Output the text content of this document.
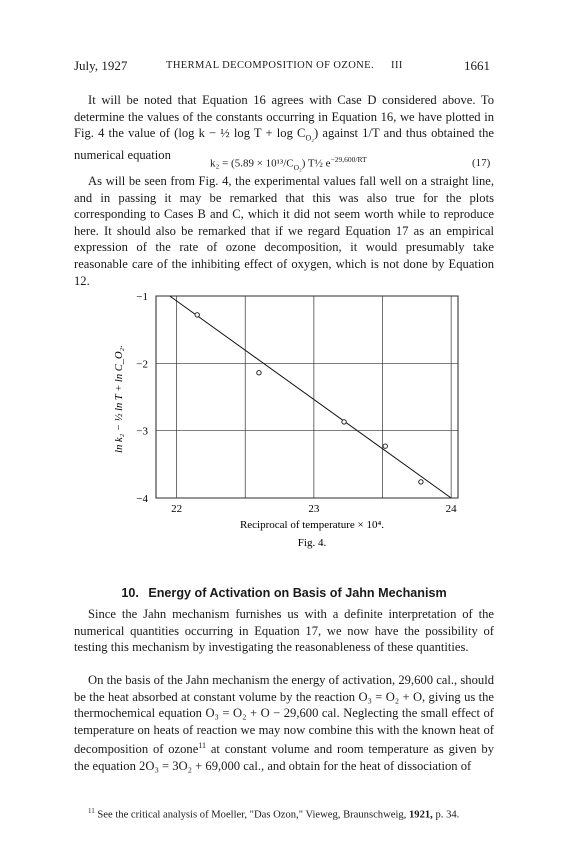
July, 1927	THERMAL DECOMPOSITION OF OZONE. III	1661

It will be noted that Equation 16 agrees with Case D considered above. To determine the values of the constants occurring in Equation 16, we have plotted in Fig. 4 the value of (log k − ½ $\log T + \log C_{O_2}$) against 1/T and thus obtained the numerical equation

$k_2 = (5.89 \times 10^{13}/C_{O_2})$ T½ $e^{-29,600/RT}$	(17)

As will be seen from Fig. 4, the experimental values fall well on a straight line, and in passing it may be remarked that this was also true for the plots corresponding to Cases B and C, which it did not seem worth while to reproduce here. It should also be remarked that if we regard Equation 17 as an empirical expression of the rate of ozone decomposition, it would presumably take reasonable care of the inhibiting effect of oxygen, which is not done by Equation 12.

−1
−2
−3
−4
22	23	24
ln k₂ − ½ ln T + ln C_O₂.
Reciprocal of temperature × 10⁴.
Fig. 4.
10. Energy of Activation on Basis of Jahn Mechanism

Since the Jahn mechanism furnishes us with a definite interpretation of the numerical quantities occurring in Equation 17, we now have the possibility of testing this mechanism by investigating the reasonableness of these quantities.

On the basis of the Jahn mechanism the energy of activation, 29,600 cal., should be the heat absorbed at constant volume by the reaction O₃ = O₂ + O, giving us the thermochemical equation O₃ = O₂ + O − 29,600 cal. Neglecting the small effect of temperature on heats of reaction we may now combine this with the known heat of decomposition of ozone$^{11}$ at constant volume and room temperature as given by the equation 2O₃ = 3O₂ + 69,000 cal., and obtain for the heat of dissociation of

$^{11}$ See the critical analysis of Moeller, "Das Ozon," Vieweg, Braunschweig, 1921, p. 34.
